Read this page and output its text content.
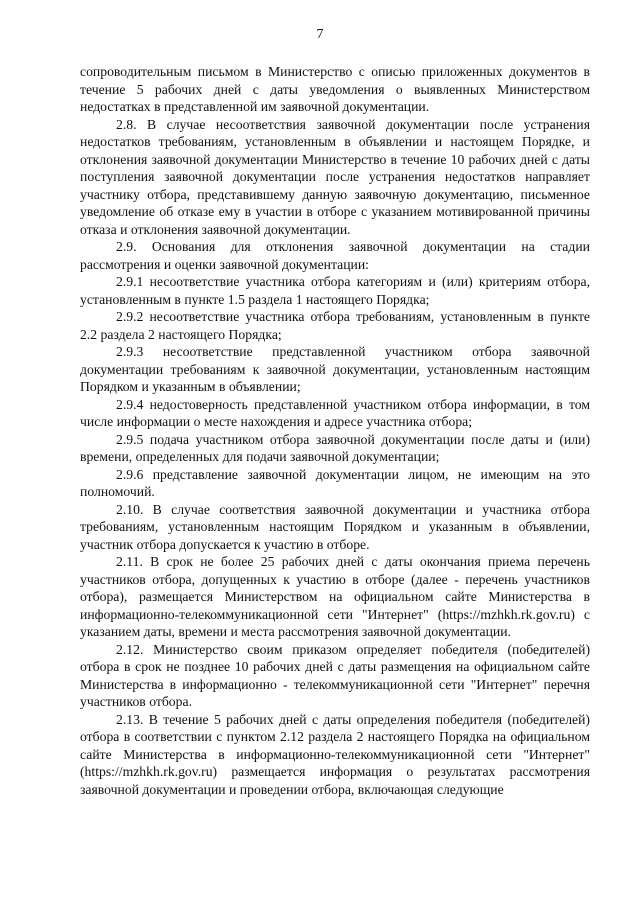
7

сопроводительным письмом в Министерство с описью приложенных документов в течение 5 рабочих дней с даты уведомления о выявленных Министерством недостатках в представленной им заявочной документации.

2.8. В случае несоответствия заявочной документации после устранения недостатков требованиям, установленным в объявлении и настоящем Порядке, и отклонения заявочной документации Министерство в течение 10 рабочих дней с даты поступления заявочной документации после устранения недостатков направляет участнику отбора, представившему данную заявочную документацию, письменное уведомление об отказе ему в участии в отборе с указанием мотивированной причины отказа и отклонения заявочной документации.

2.9. Основания для отклонения заявочной документации на стадии рассмотрения и оценки заявочной документации:

2.9.1 несоответствие участника отбора категориям и (или) критериям отбора, установленным в пункте 1.5 раздела 1 настоящего Порядка;

2.9.2 несоответствие участника отбора требованиям, установленным в пункте 2.2 раздела 2 настоящего Порядка;

2.9.3 несоответствие представленной участником отбора заявочной документации требованиям к заявочной документации, установленным настоящим Порядком и указанным в объявлении;

2.9.4 недостоверность представленной участником отбора информации, в том числе информации о месте нахождения и адресе участника отбора;

2.9.5 подача участником отбора заявочной документации после даты и (или) времени, определенных для подачи заявочной документации;

2.9.6 представление заявочной документации лицом, не имеющим на это полномочий.

2.10. В случае соответствия заявочной документации и участника отбора требованиям, установленным настоящим Порядком и указанным в объявлении, участник отбора допускается к участию в отборе.

2.11. В срок не более 25 рабочих дней с даты окончания приема перечень участников отбора, допущенных к участию в отборе (далее - перечень участников отбора), размещается Министерством на официальном сайте Министерства в информационно-телекоммуникационной сети "Интернет" (https://mzhkh.rk.gov.ru) с указанием даты, времени и места рассмотрения заявочной документации.

2.12. Министерство своим приказом определяет победителя (победителей) отбора в срок не позднее 10 рабочих дней с даты размещения на официальном сайте Министерства в информационно - телекоммуникационной сети "Интернет" перечня участников отбора.

2.13. В течение 5 рабочих дней с даты определения победителя (победителей) отбора в соответствии с пунктом 2.12 раздела 2 настоящего Порядка на официальном сайте Министерства в информационно-телекоммуникационной сети "Интернет" (https://mzhkh.rk.gov.ru) размещается информация о результатах рассмотрения заявочной документации и проведении отбора, включающая следующие
